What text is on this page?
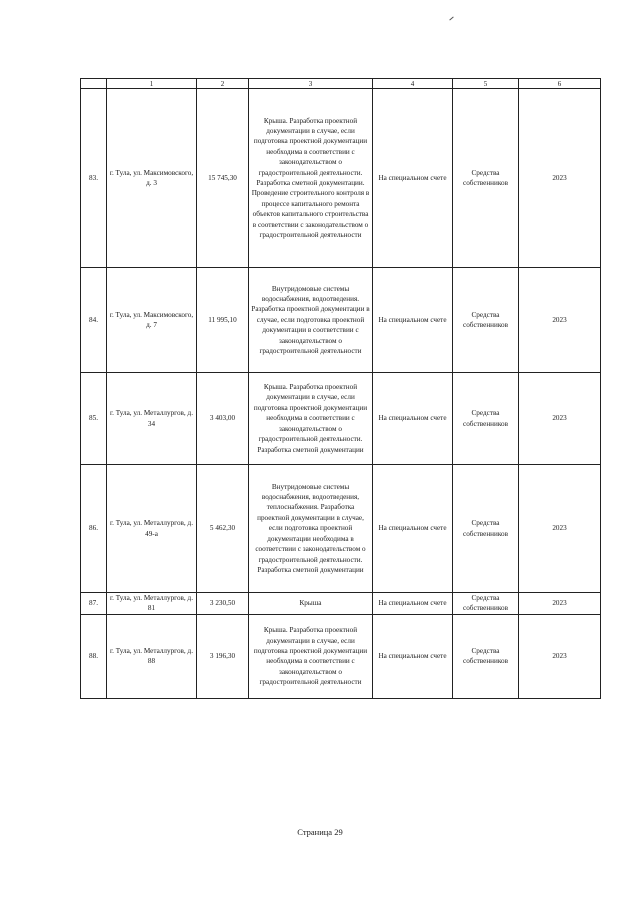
	1	2	3	4	5	6
83.	г. Тула, ул. Максимовского, д. 3	15 745,30	Крыша. Разработка проектной документации в случае, если подготовка проектной документации необходима в соответствии с законодательством о градостроительной деятельности. Разработка сметной документации. Проведение строительного контроля в процессе капитального ремонта объектов капитального строительства в соответствии с законодательством о градостроительной деятельности	На специальном счете	Средства собственников	2023
84.	г. Тула, ул. Максимовского, д. 7	11 995,10	Внутридомовые системы водоснабжения, водоотведения. Разработка проектной документации в случае, если подготовка проектной документации в соответствии с законодательством о градостроительной деятельности	На специальном счете	Средства собственников	2023
85.	г. Тула, ул. Металлургов, д. 34	3 403,00	Крыша. Разработка проектной документации в случае, если подготовка проектной документации необходима в соответствии с законодательством о градостроительной деятельности. Разработка сметной документации	На специальном счете	Средства собственников	2023
86.	г. Тула, ул. Металлургов, д. 49-а	5 462,30	Внутридомовые системы водоснабжения, водоотведения, теплоснабжения. Разработка проектной документации в случае, если подготовка проектной документации необходима в соответствии с законодательством о градостроительной деятельности. Разработка сметной документации	На специальном счете	Средства собственников	2023
87.	г. Тула, ул. Металлургов, д. 81	3 230,50	Крыша	На специальном счете	Средства собственников	2023
88.	г. Тула, ул. Металлургов, д. 88	3 196,30	Крыша. Разработка проектной документации в случае, если подготовка проектной документации необходима в соответствии с законодательством о градостроительной деятельности	На специальном счете	Средства собственников	2023
Страница 29
